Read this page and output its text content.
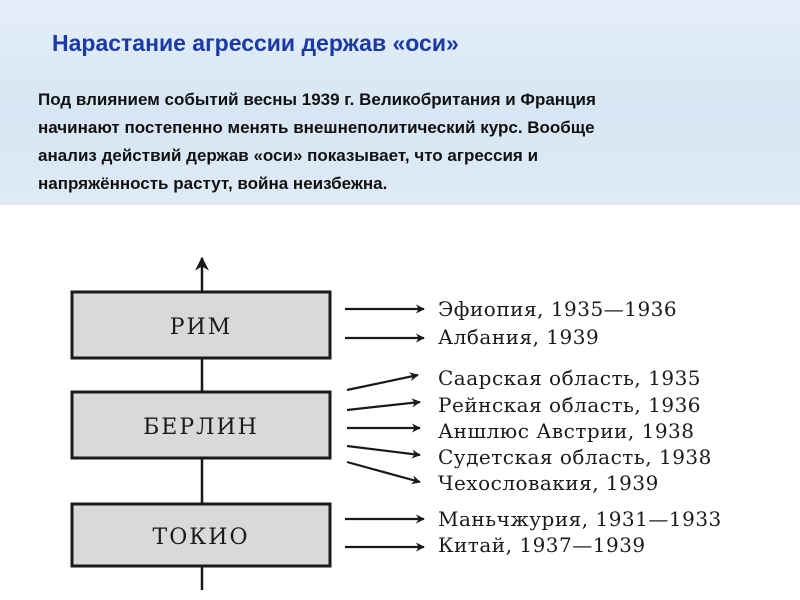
Нарастание агрессии держав «оси»

Под влиянием событий весны 1939 г. Великобритания и Франция
начинают постепенно менять внешнеполитический курс. Вообще
анализ действий держав «оси» показывает, что агрессия и
напряжённость растут, война неизбежна.

РИМ
БЕРЛИН
ТОКИО
Эфиопия, 1935—1936
Албания, 1939
Саарская область, 1935
Рейнская область, 1936
Аншлюс Австрии, 1938
Судетская область, 1938
Чехословакия, 1939
Маньчжурия, 1931—1933
Китай, 1937—1939
